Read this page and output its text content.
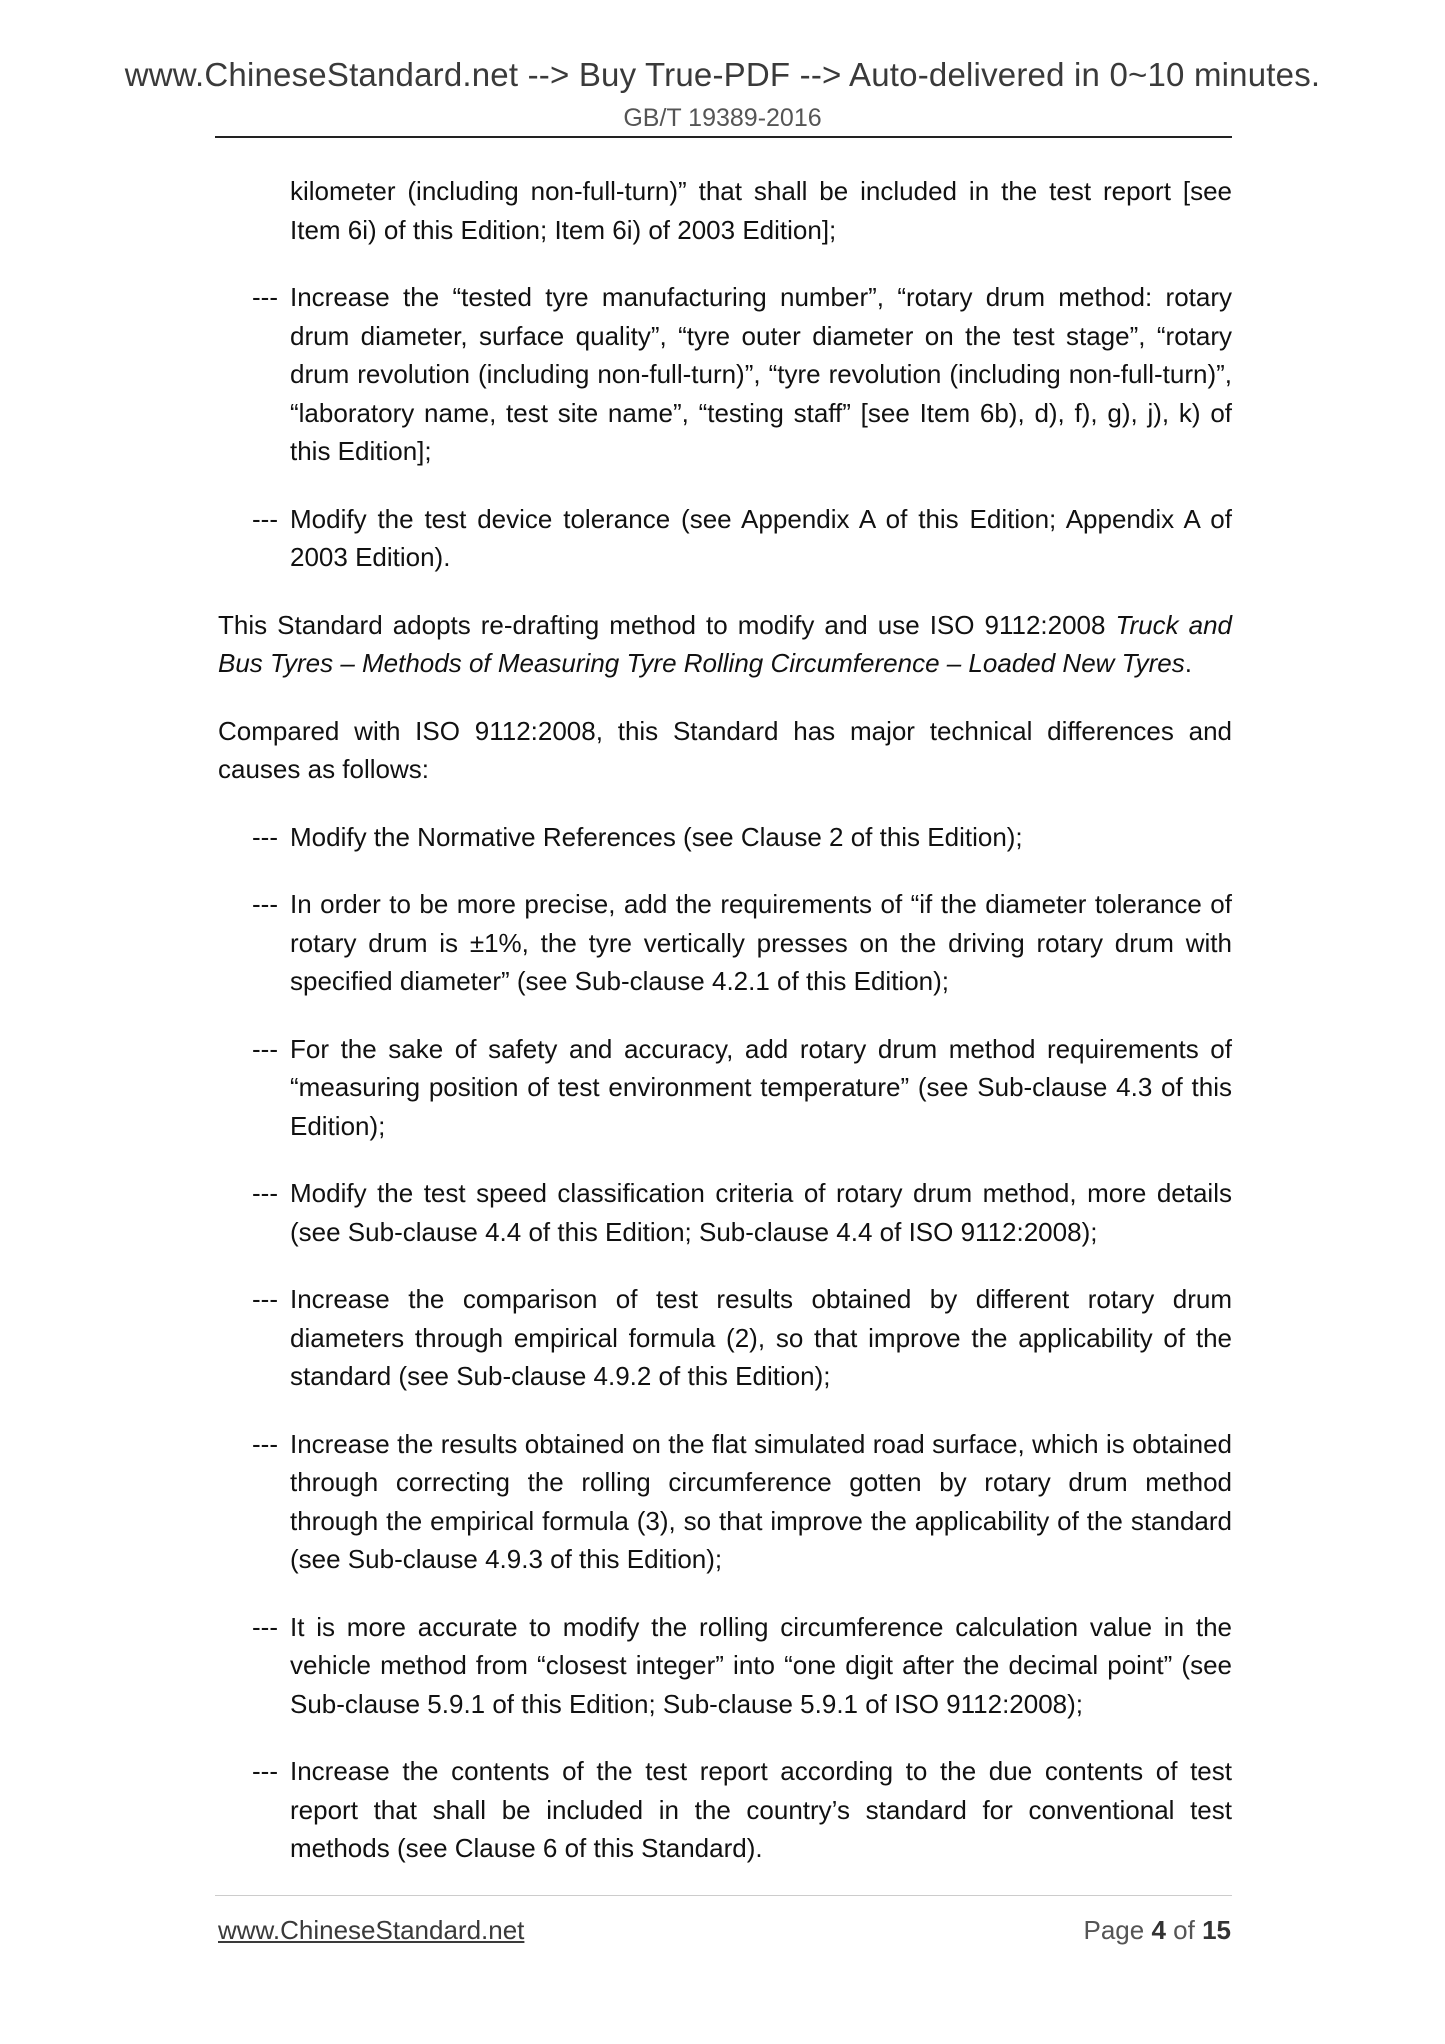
www.ChineseStandard.net --> Buy True-PDF --> Auto-delivered in 0~10 minutes.
GB/T 19389-2016
kilometer (including non-full-turn)” that shall be included in the test report [see Item 6i) of this Edition; Item 6i) of 2003 Edition];
--- Increase the “tested tyre manufacturing number”, “rotary drum method: rotary drum diameter, surface quality”, “tyre outer diameter on the test stage”, “rotary drum revolution (including non-full-turn)”, “tyre revolution (including non-full-turn)”, “laboratory name, test site name”, “testing staff” [see Item 6b), d), f), g), j), k) of this Edition];
--- Modify the test device tolerance (see Appendix A of this Edition; Appendix A of 2003 Edition).

This Standard adopts re-drafting method to modify and use ISO 9112:2008 Truck and Bus Tyres – Methods of Measuring Tyre Rolling Circumference – Loaded New Tyres.

Compared with ISO 9112:2008, this Standard has major technical differences and causes as follows:

--- Modify the Normative References (see Clause 2 of this Edition);
--- In order to be more precise, add the requirements of “if the diameter tolerance of rotary drum is ±1%, the tyre vertically presses on the driving rotary drum with specified diameter” (see Sub-clause 4.2.1 of this Edition);
--- For the sake of safety and accuracy, add rotary drum method requirements of “measuring position of test environment temperature” (see Sub-clause 4.3 of this Edition);
--- Modify the test speed classification criteria of rotary drum method, more details (see Sub-clause 4.4 of this Edition; Sub-clause 4.4 of ISO 9112:2008);
--- Increase the comparison of test results obtained by different rotary drum diameters through empirical formula (2), so that improve the applicability of the standard (see Sub-clause 4.9.2 of this Edition);
--- Increase the results obtained on the flat simulated road surface, which is obtained through correcting the rolling circumference gotten by rotary drum method through the empirical formula (3), so that improve the applicability of the standard (see Sub-clause 4.9.3 of this Edition);
--- It is more accurate to modify the rolling circumference calculation value in the vehicle method from “closest integer” into “one digit after the decimal point” (see Sub-clause 5.9.1 of this Edition; Sub-clause 5.9.1 of ISO 9112:2008);
--- Increase the contents of the test report according to the due contents of test report that shall be included in the country’s standard for conventional test methods (see Clause 6 of this Standard).
www.ChineseStandard.net	Page 4 of 15
